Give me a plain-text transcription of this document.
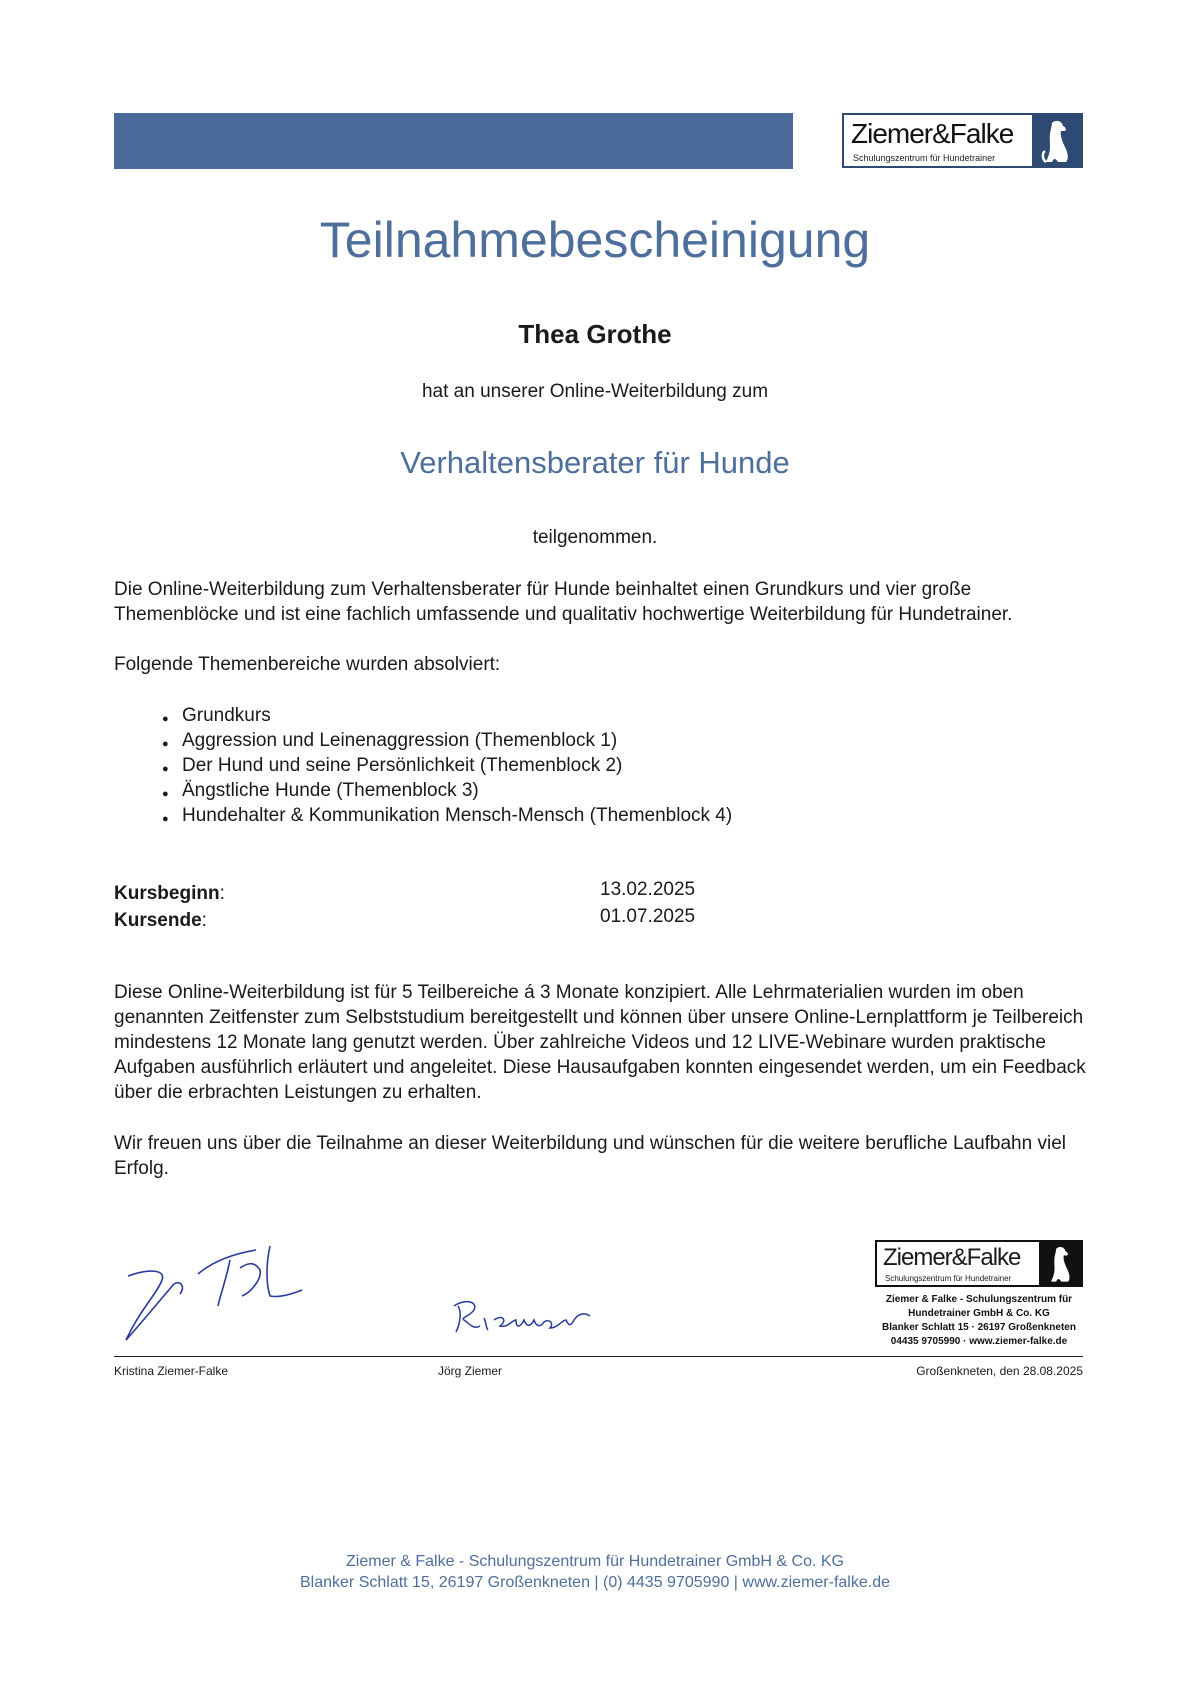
Ziemer&Falke
Schulungszentrum für Hundetrainer
Teilnahmebescheinigung
Thea Grothe
hat an unserer Online-Weiterbildung zum
Verhaltensberater für Hunde
teilgenommen.

Die Online-Weiterbildung zum Verhaltensberater für Hunde beinhaltet einen Grundkurs und vier große Themenblöcke und ist eine fachlich umfassende und qualitativ hochwertige Weiterbildung für Hundetrainer.

Folgende Themenbereiche wurden absolviert:
● Grundkurs
● Aggression und Leinenaggression (Themenblock 1)
● Der Hund und seine Persönlichkeit (Themenblock 2)
● Ängstliche Hunde (Themenblock 3)
● Hundehalter & Kommunikation Mensch-Mensch (Themenblock 4)
Kursbeginn:	13.02.2025
Kursende:	01.07.2025

Diese Online-Weiterbildung ist für 5 Teilbereiche á 3 Monate konzipiert. Alle Lehrmaterialien wurden im oben genannten Zeitfenster zum Selbststudium bereitgestellt und können über unsere Online-Lernplattform je Teilbereich mindestens 12 Monate lang genutzt werden. Über zahlreiche Videos und 12 LIVE-Webinare wurden praktische Aufgaben ausführlich erläutert und angeleitet. Diese Hausaufgaben konnten eingesendet werden, um ein Feedback über die erbrachten Leistungen zu erhalten.

Wir freuen uns über die Teilnahme an dieser Weiterbildung und wünschen für die weitere berufliche Laufbahn viel Erfolg.

Ziemer&Falke
Schulungszentrum für Hundetrainer
Ziemer & Falke - Schulungszentrum für
Hundetrainer GmbH & Co. KG
Blanker Schlatt 15 · 26197 Großenkneten
04435 9705990 · www.ziemer-falke.de
Kristina Ziemer-Falke	Jörg Ziemer	Großenkneten, den 28.08.2025
Ziemer & Falke - Schulungszentrum für Hundetrainer GmbH & Co. KG
Blanker Schlatt 15, 26197 Großenkneten | (0) 4435 9705990 | www.ziemer-falke.de
